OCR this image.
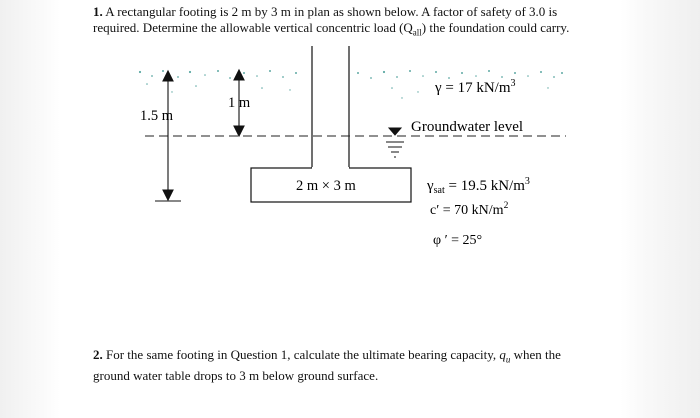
1. A rectangular footing is 2 m by 3 m in plan as shown below. A factor of safety of 3.0 is
required. Determine the allowable vertical concentric load $(Q_{all})$ the foundation could carry.
1.5 m
1 m
2 m × 3 m
γ = 17 $kN/m^3$
Groundwater level
$\gamma_{sat} = 19.5$ $kN/m^3$
c′ = 70 $kN/m^2$
φ ′ = 25°
2. For the same footing in Question 1, calculate the ultimate bearing capacity, $q_u$ when the
ground water table drops to 3 m below ground surface.
